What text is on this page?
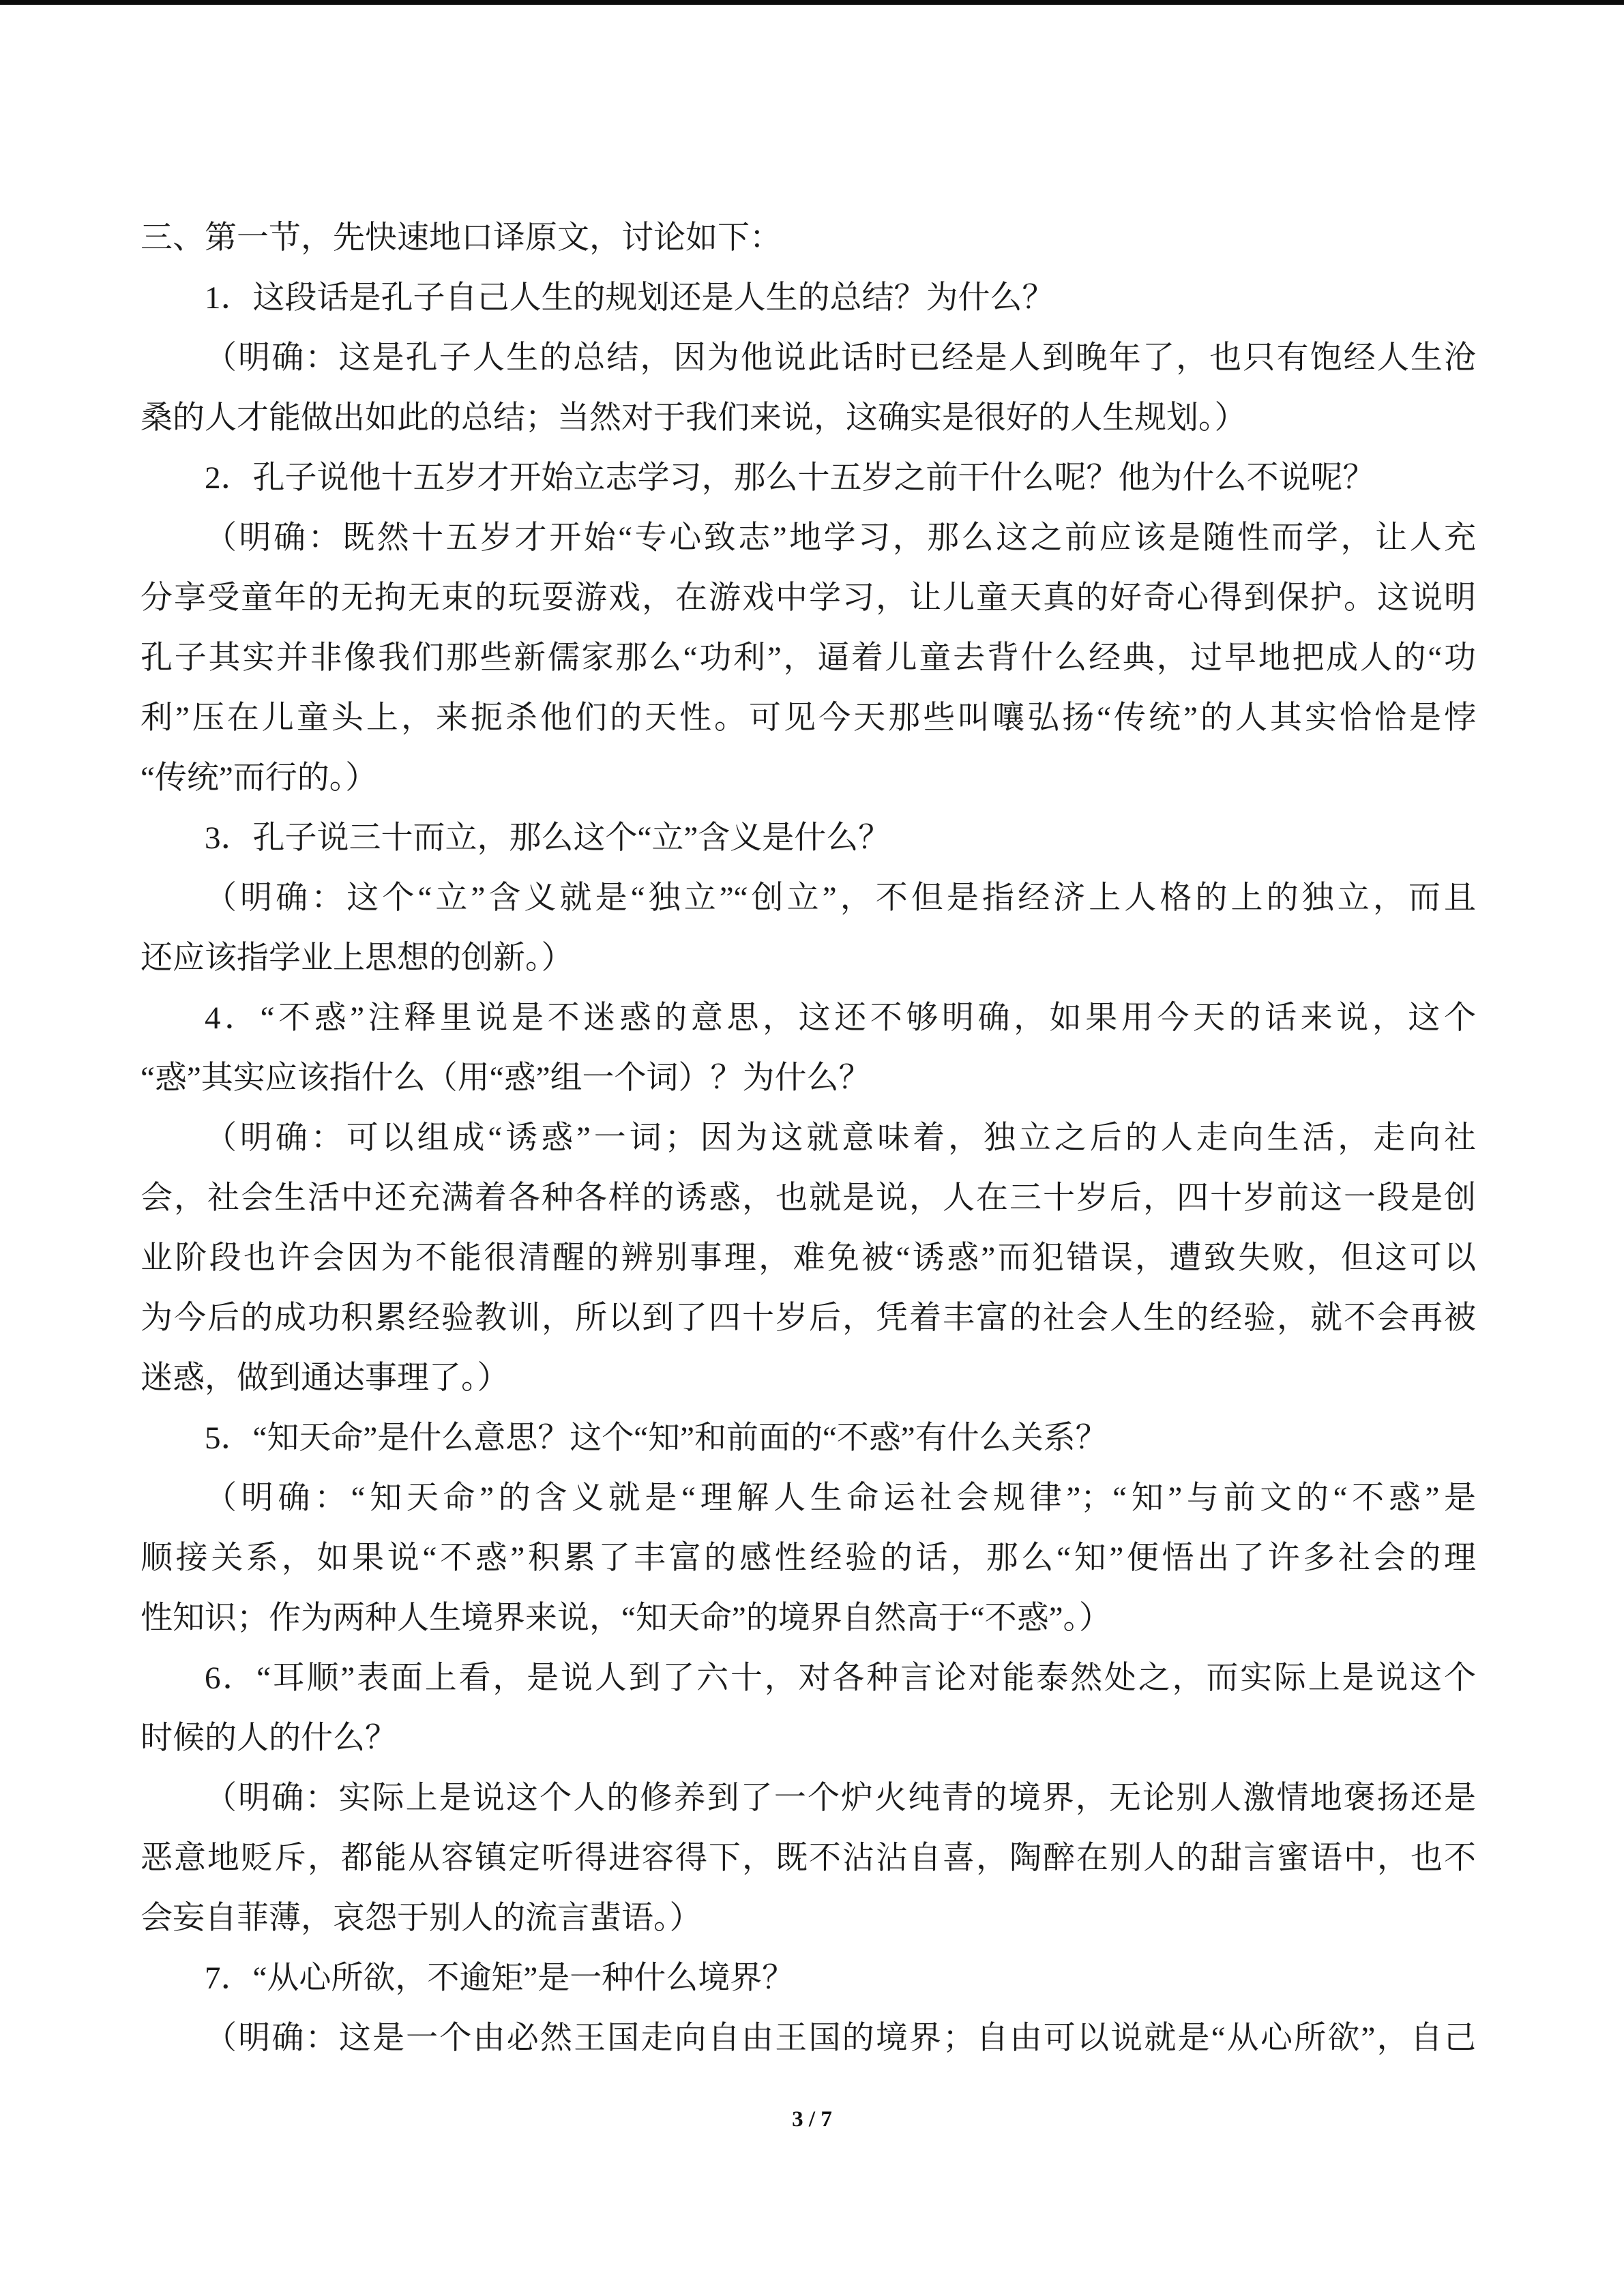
三、第一节，先快速地口译原文，讨论如下：
1．这段话是孔子自己人生的规划还是人生的总结？为什么？
（明确：这是孔子人生的总结，因为他说此话时已经是人到晚年了，也只有饱经人生沧
桑的人才能做出如此的总结；当然对于我们来说，这确实是很好的人生规划。）
2．孔子说他十五岁才开始立志学习，那么十五岁之前干什么呢？他为什么不说呢？
（明确：既然十五岁才开始“专心致志”地学习，那么这之前应该是随性而学，让人充
分享受童年的无拘无束的玩耍游戏，在游戏中学习，让儿童天真的好奇心得到保护。这说明
孔子其实并非像我们那些新儒家那么“功利”，逼着儿童去背什么经典，过早地把成人的“功
利”压在儿童头上，来扼杀他们的天性。可见今天那些叫嚷弘扬“传统”的人其实恰恰是悖
“传统”而行的。）
3．孔子说三十而立，那么这个“立”含义是什么？
（明确：这个“立”含义就是“独立”“创立”，不但是指经济上人格的上的独立，而且
还应该指学业上思想的创新。）
4．“不惑”注释里说是不迷惑的意思，这还不够明确，如果用今天的话来说，这个
“惑”其实应该指什么（用“惑”组一个词）？为什么？
（明确：可以组成“诱惑”一词；因为这就意味着，独立之后的人走向生活，走向社
会，社会生活中还充满着各种各样的诱惑，也就是说，人在三十岁后，四十岁前这一段是创
业阶段也许会因为不能很清醒的辨别事理，难免被“诱惑”而犯错误，遭致失败，但这可以
为今后的成功积累经验教训，所以到了四十岁后，凭着丰富的社会人生的经验，就不会再被
迷惑，做到通达事理了。）
5．“知天命”是什么意思？这个“知”和前面的“不惑”有什么关系？
（明确：“知天命”的含义就是“理解人生命运社会规律”；“知”与前文的“不惑”是
顺接关系，如果说“不惑”积累了丰富的感性经验的话，那么“知”便悟出了许多社会的理
性知识；作为两种人生境界来说，“知天命”的境界自然高于“不惑”。）
6．“耳顺”表面上看，是说人到了六十，对各种言论对能泰然处之，而实际上是说这个
时候的人的什么？
（明确：实际上是说这个人的修养到了一个炉火纯青的境界，无论别人激情地褒扬还是
恶意地贬斥，都能从容镇定听得进容得下，既不沾沾自喜，陶醉在别人的甜言蜜语中，也不
会妄自菲薄，哀怨于别人的流言蜚语。）
7．“从心所欲，不逾矩”是一种什么境界？
（明确：这是一个由必然王国走向自由王国的境界；自由可以说就是“从心所欲”，自己
3 / 7
